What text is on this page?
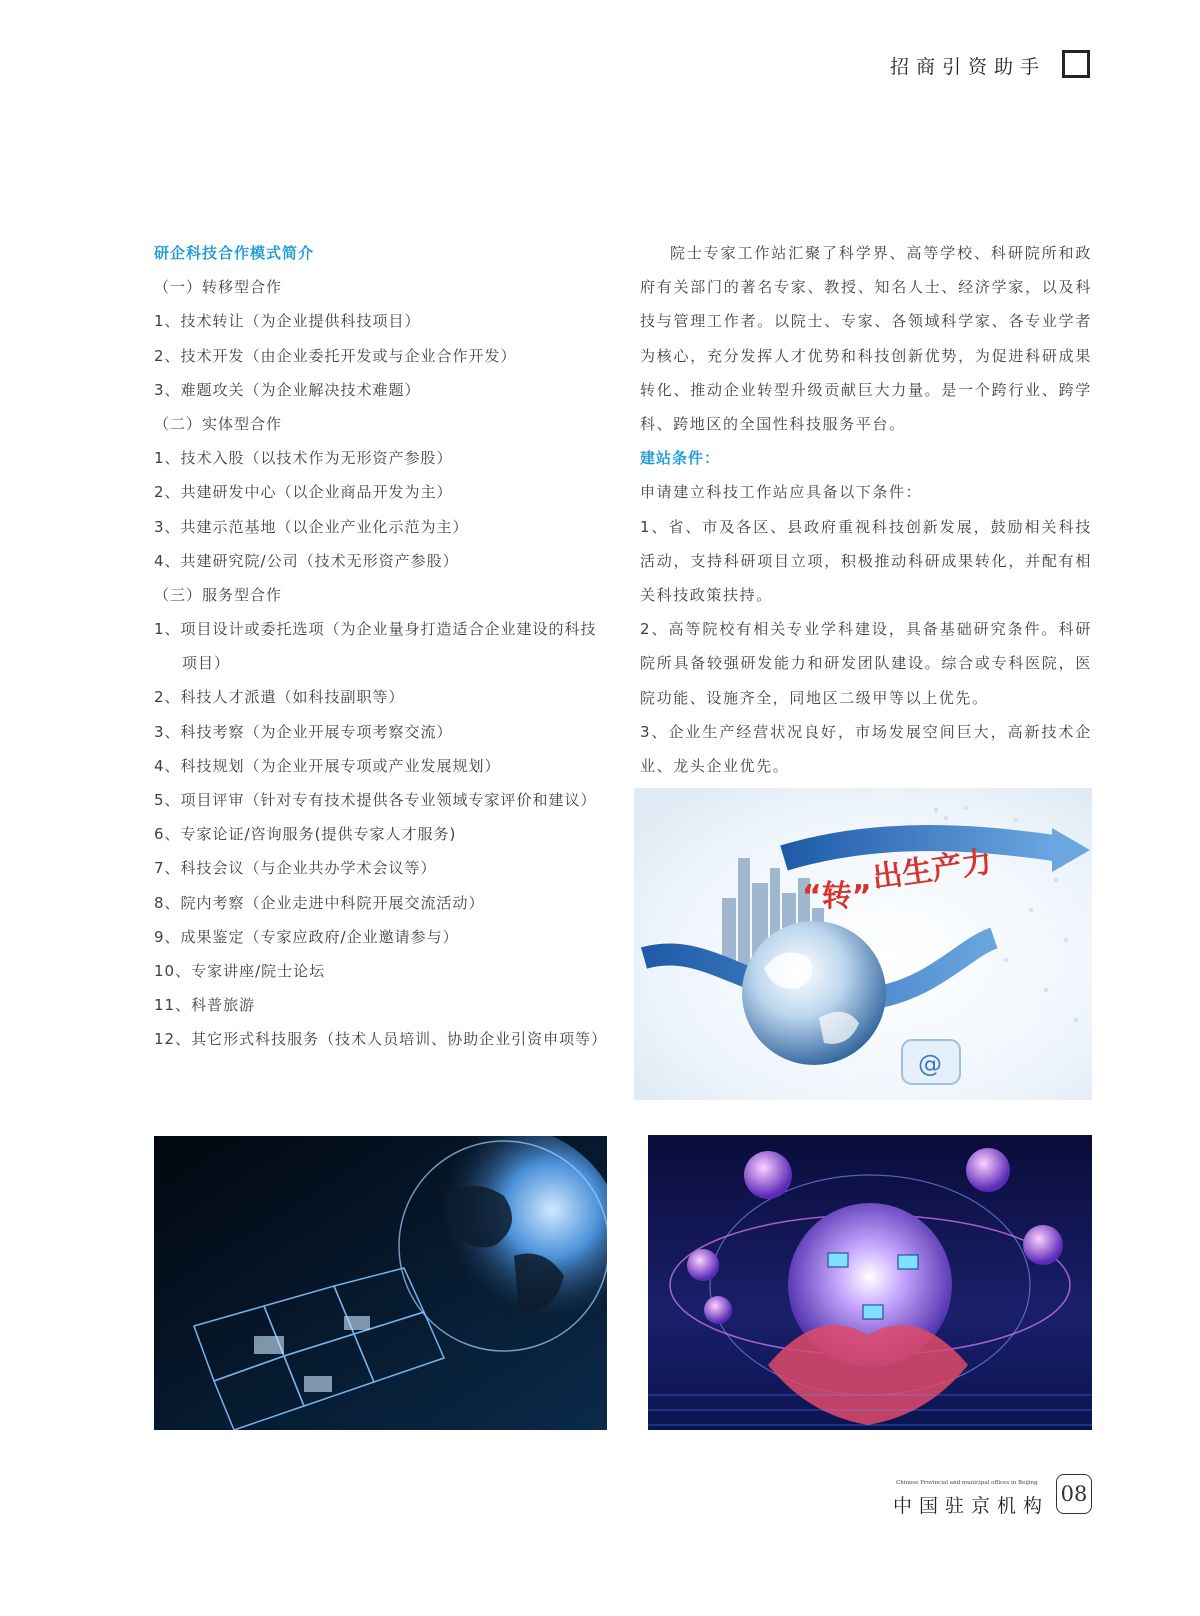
招商引资助手
研企科技合作模式简介
（一）转移型合作
1、技术转让（为企业提供科技项目）
2、技术开发（由企业委托开发或与企业合作开发）
3、难题攻关（为企业解决技术难题）
（二）实体型合作
1、技术入股（以技术作为无形资产参股）
2、共建研发中心（以企业商品开发为主）
3、共建示范基地（以企业产业化示范为主）
4、共建研究院/公司（技术无形资产参股）
（三）服务型合作
1、项目设计或委托选项（为企业量身打造适合企业建设的科技
项目）
2、科技人才派遣（如科技副职等）
3、科技考察（为企业开展专项考察交流）
4、科技规划（为企业开展专项或产业发展规划）
5、项目评审（针对专有技术提供各专业领域专家评价和建议）
6、专家论证/咨询服务(提供专家人才服务)
7、科技会议（与企业共办学术会议等）
8、院内考察（企业走进中科院开展交流活动）
9、成果鉴定（专家应政府/企业邀请参与）
10、专家讲座/院士论坛
11、科普旅游
12、其它形式科技服务（技术人员培训、协助企业引资申项等）

院士专家工作站汇聚了科学界、高等学校、科研院所和政府有关部门的著名专家、教授、知名人士、经济学家，以及科技与管理工作者。以院士、专家、各领域科学家、各专业学者为核心，充分发挥人才优势和科技创新优势，为促进科研成果转化、推动企业转型升级贡献巨大力量。是一个跨行业、跨学科、跨地区的全国性科技服务平台。

建站条件：

申请建立科技工作站应具备以下条件：

1、省、市及各区、县政府重视科技创新发展，鼓励相关科技活动，支持科研项目立项，积极推动科研成果转化，并配有相关科技政策扶持。

2、高等院校有相关专业学科建设，具备基础研究条件。科研院所具备较强研发能力和研发团队建设。综合或专科医院，医院功能、设施齐全，同地区二级甲等以上优先。

3、企业生产经营状况良好，市场发展空间巨大，高新技术企业、龙头企业优先。

“转”
出生产力
@
Chinese Provincial and municipal offices in Beijing
中国驻京机构 08
